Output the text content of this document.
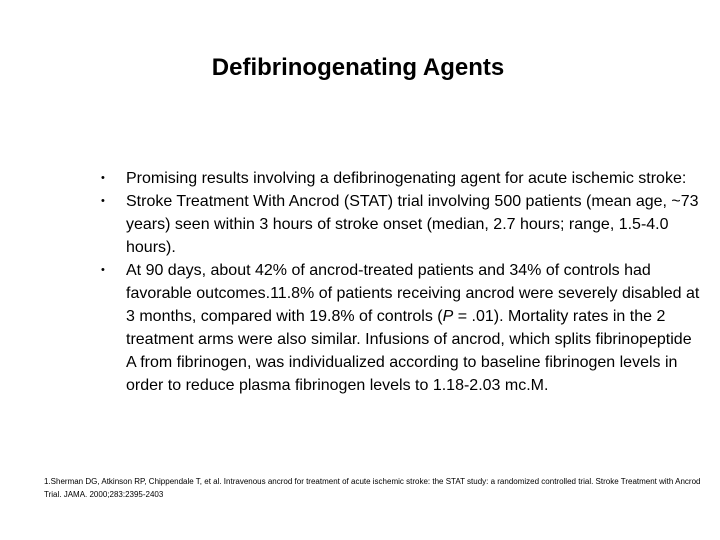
Defibrinogenating Agents
• Promising results involving a defibrinogenating agent for acute ischemic stroke:
• Stroke Treatment With Ancrod (STAT) trial involving 500 patients (mean age, ~73 years) seen within 3 hours of stroke onset (median, 2.7 hours; range, 1.5-4.0 hours).
• At 90 days, about 42% of ancrod-treated patients and 34% of controls had favorable outcomes.11.8% of patients receiving ancrod were severely disabled at 3 months, compared with 19.8% of controls (P = .01). Mortality rates in the 2 treatment arms were also similar. Infusions of ancrod, which splits fibrinopeptide A from fibrinogen, was individualized according to baseline fibrinogen levels in order to reduce plasma fibrinogen levels to 1.18-2.03 mc.M.

1.Sherman DG, Atkinson RP, Chippendale T, et al. Intravenous ancrod for treatment of acute ischemic stroke: the STAT study: a randomized controlled trial. Stroke Treatment with Ancrod Trial. JAMA. 2000;283:2395-2403
